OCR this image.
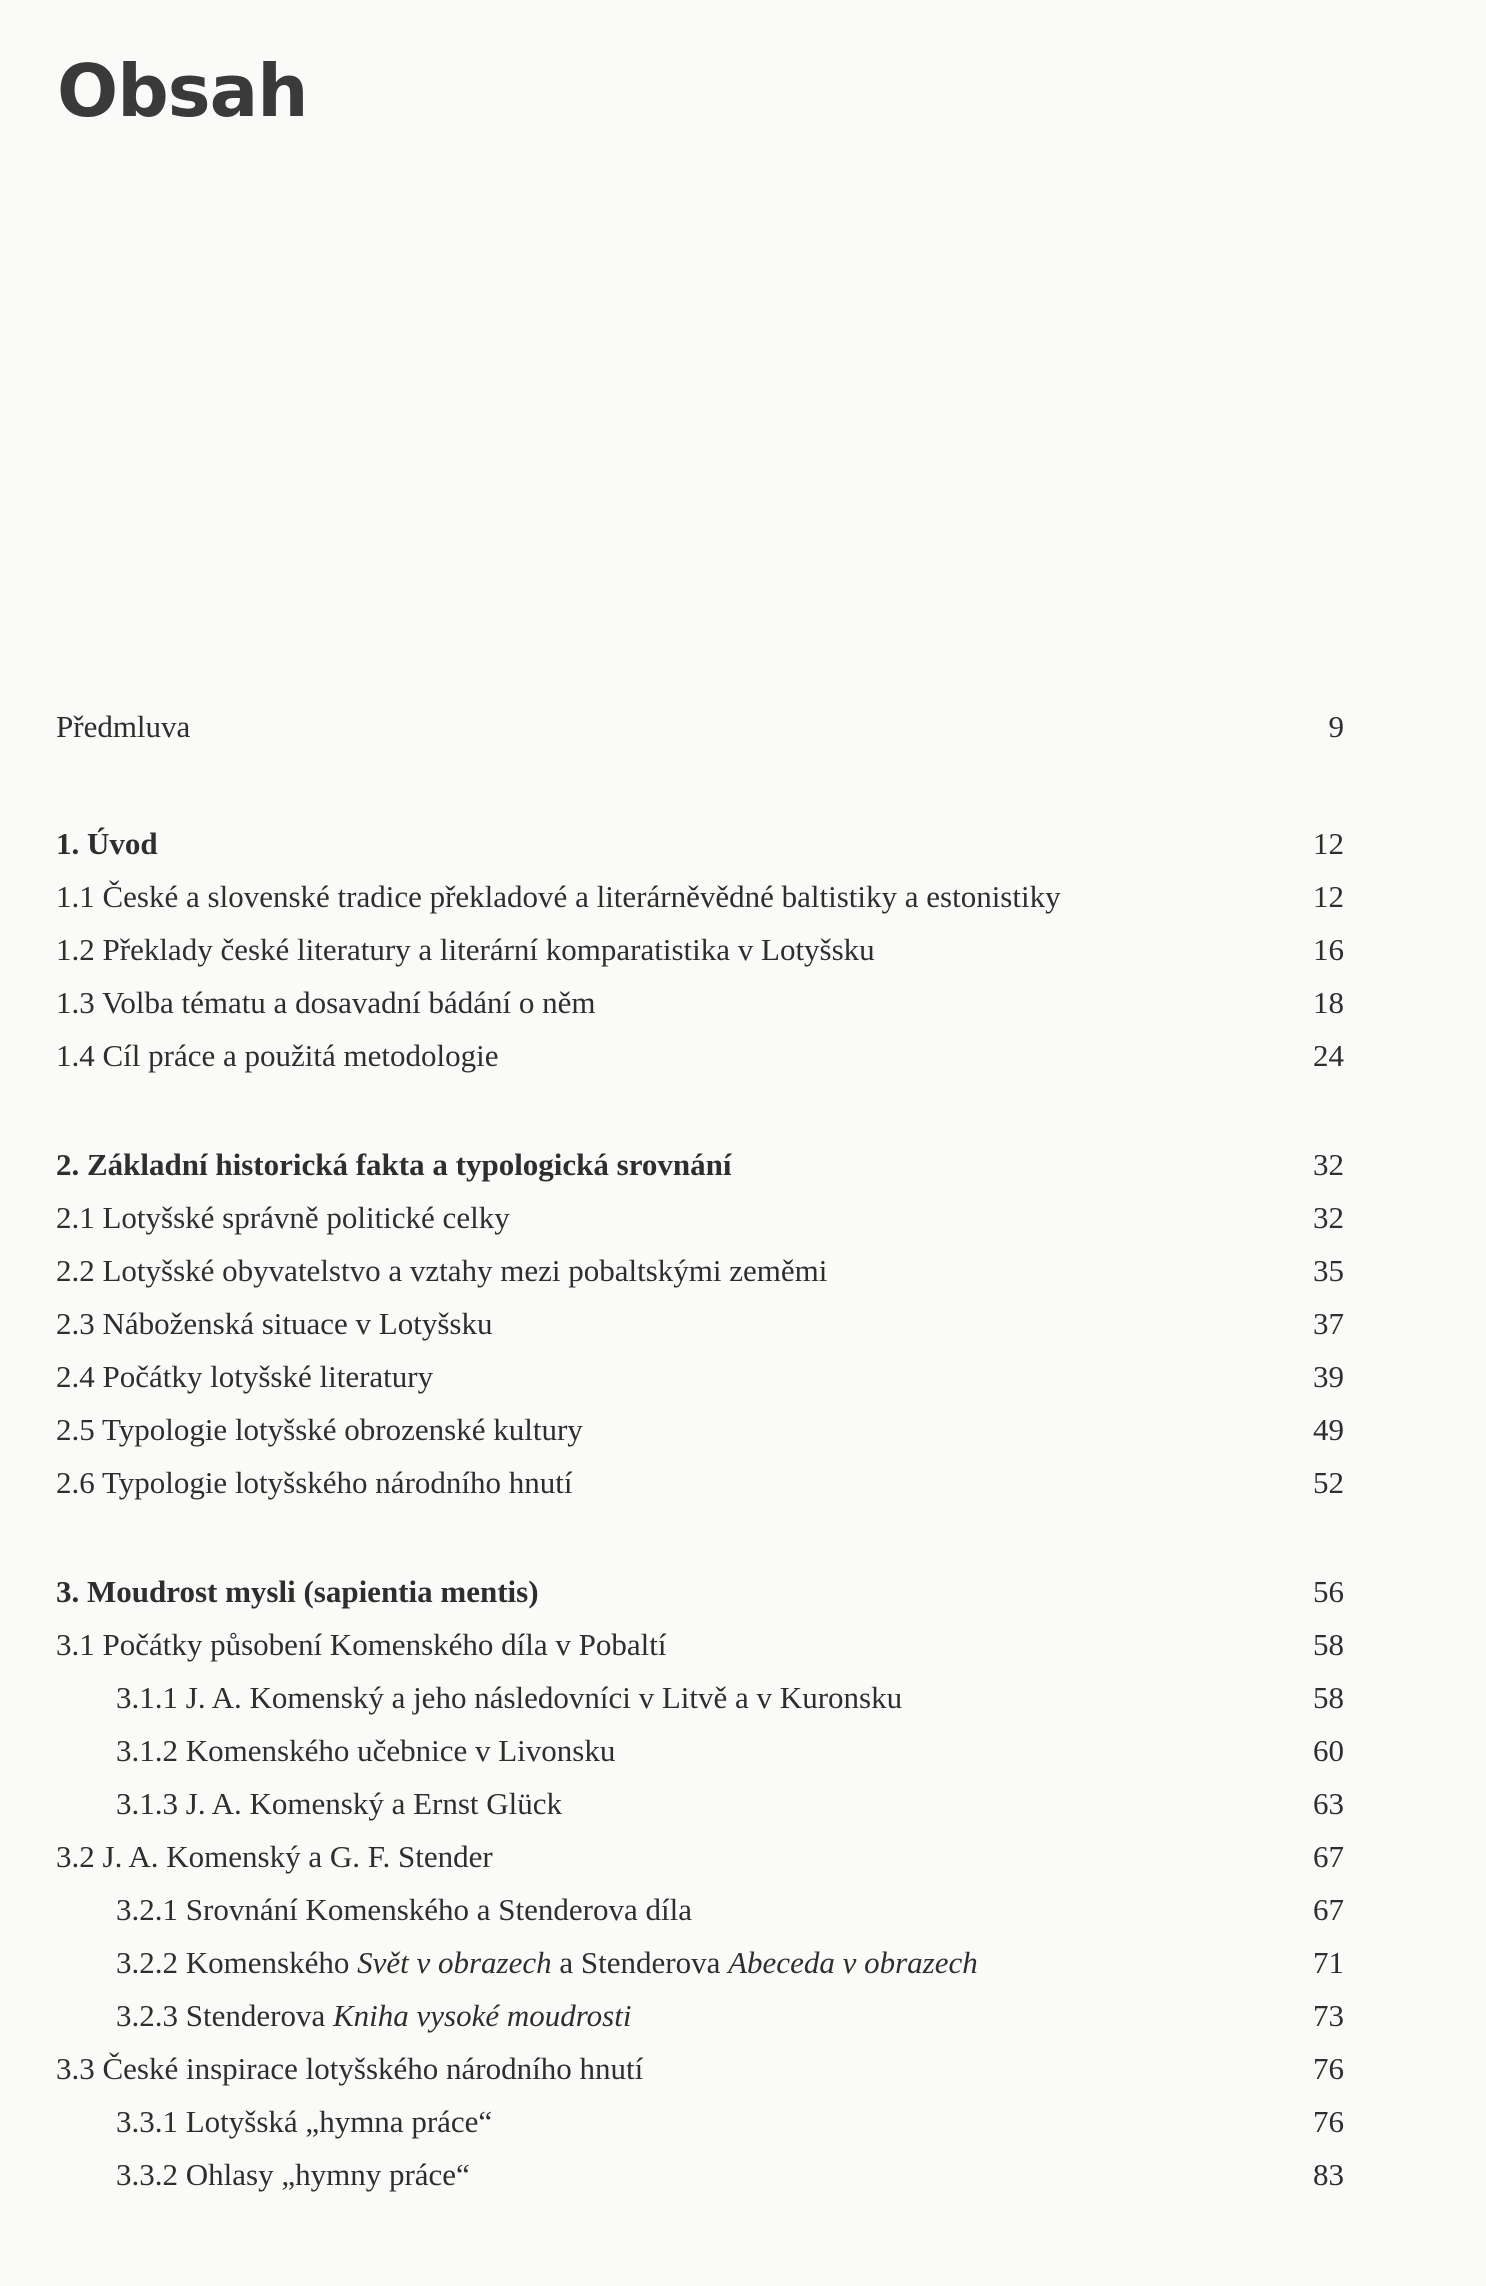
Obsah
Předmluva	9
1. Úvod	12
1.1 České a slovenské tradice překladové a literárněvědné baltistiky a estonistiky	12
1.2 Překlady české literatury a literární komparatistika v Lotyšsku	16
1.3 Volba tématu a dosavadní bádání o něm	18
1.4 Cíl práce a použitá metodologie	24
2. Základní historická fakta a typologická srovnání	32
2.1 Lotyšské správně politické celky	32
2.2 Lotyšské obyvatelstvo a vztahy mezi pobaltskými zeměmi	35
2.3 Náboženská situace v Lotyšsku	37
2.4 Počátky lotyšské literatury	39
2.5 Typologie lotyšské obrozenské kultury	49
2.6 Typologie lotyšského národního hnutí	52
3. Moudrost mysli (sapientia mentis)	56
3.1 Počátky působení Komenského díla v Pobaltí	58
3.1.1 J. A. Komenský a jeho následovníci v Litvě a v Kuronsku	58
3.1.2 Komenského učebnice v Livonsku	60
3.1.3 J. A. Komenský a Ernst Glück	63
3.2 J. A. Komenský a G. F. Stender	67
3.2.1 Srovnání Komenského a Stenderova díla	67
3.2.2 Komenského Svět v obrazech a Stenderova Abeceda v obrazech	71
3.2.3 Stenderova Kniha vysoké moudrosti	73
3.3 České inspirace lotyšského národního hnutí	76
3.3.1 Lotyšská „hymna práce“	76
3.3.2 Ohlasy „hymny práce“	83
